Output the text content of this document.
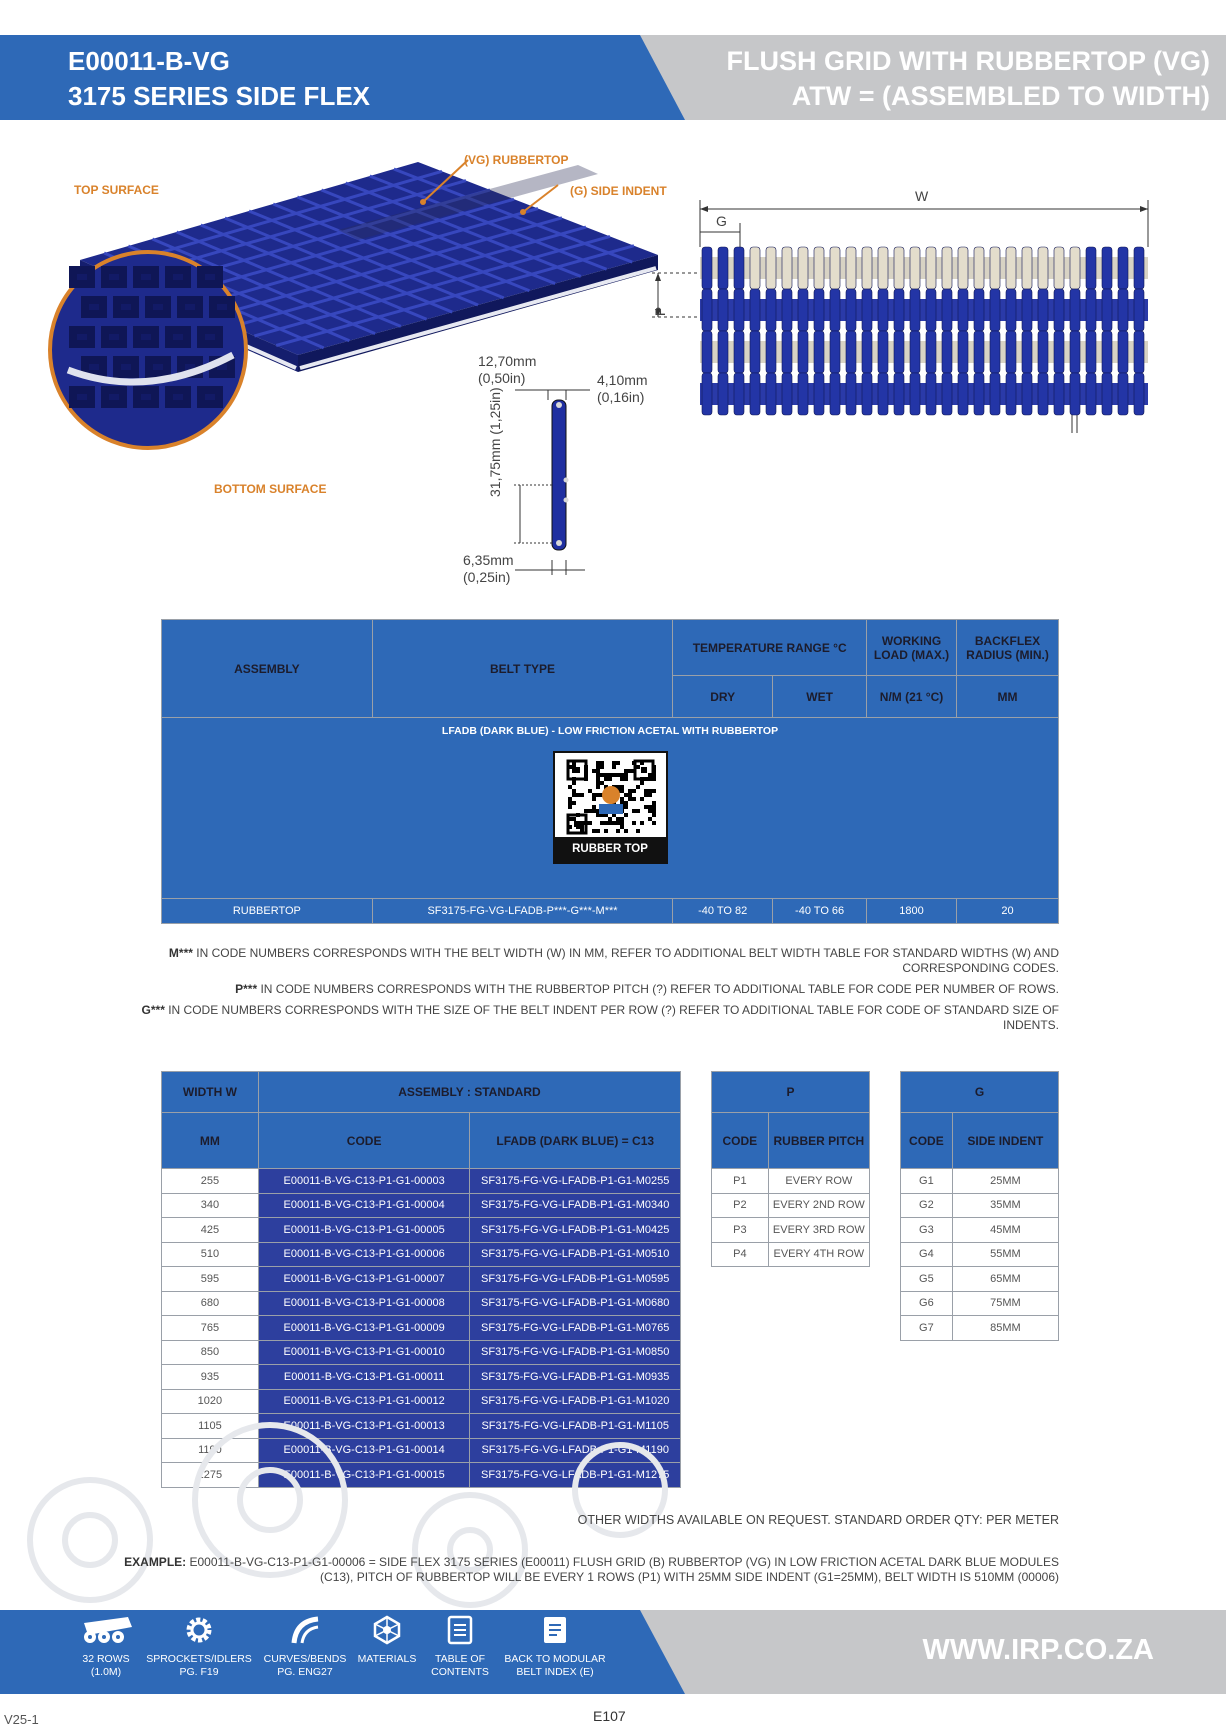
E00011-B-VG
3175 SERIES SIDE FLEX
FLUSH GRID WITH RUBBERTOP (VG)
ATW = (ASSEMBLED TO WIDTH)
TOP SURFACE
(VG) RUBBERTOP
(G) SIDE INDENT
BOTTOM SURFACE
12,70mm
(0,50in)	4,10mm
(0,16in)
31,75mm (1,25in)
6,35mm
(0,25in)
W
G
P
ASSEMBLY	BELT TYPE	TEMPERATURE RANGE °C		WORKING LOAD (MAX.)	BACKFLEX RADIUS (MIN.)
		DRY	WET	N/M (21 °C)	MM

LFADB (DARK BLUE) - LOW FRICTION ACETAL WITH RUBBERTOP
RUBBER TOP					

RUBBERTOP	SF3175-FG-VG-LFADB-P***-G***-M***	-40 TO 82	-40 TO 66	1800	20
M*** IN CODE NUMBERS CORRESPONDS WITH THE BELT WIDTH (W) IN MM, REFER TO ADDITIONAL BELT WIDTH TABLE FOR STANDARD WIDTHS (W) AND
CORRESPONDING CODES.
P*** IN CODE NUMBERS CORRESPONDS WITH THE RUBBERTOP PITCH (?) REFER TO ADDITIONAL TABLE FOR CODE PER NUMBER OF ROWS.
G*** IN CODE NUMBERS CORRESPONDS WITH THE SIZE OF THE BELT INDENT PER ROW (?) REFER TO ADDITIONAL TABLE FOR CODE OF STANDARD SIZE OF
INDENTS.
WIDTH W	ASSEMBLY : STANDARD	
MM	CODE	LFADB (DARK BLUE) = C13
255	E00011-B-VG-C13-P1-G1-00003	SF3175-FG-VG-LFADB-P1-G1-M0255
340	E00011-B-VG-C13-P1-G1-00004	SF3175-FG-VG-LFADB-P1-G1-M0340
425	E00011-B-VG-C13-P1-G1-00005	SF3175-FG-VG-LFADB-P1-G1-M0425
510	E00011-B-VG-C13-P1-G1-00006	SF3175-FG-VG-LFADB-P1-G1-M0510
595	E00011-B-VG-C13-P1-G1-00007	SF3175-FG-VG-LFADB-P1-G1-M0595
680	E00011-B-VG-C13-P1-G1-00008	SF3175-FG-VG-LFADB-P1-G1-M0680
765	E00011-B-VG-C13-P1-G1-00009	SF3175-FG-VG-LFADB-P1-G1-M0765
850	E00011-B-VG-C13-P1-G1-00010	SF3175-FG-VG-LFADB-P1-G1-M0850
935	E00011-B-VG-C13-P1-G1-00011	SF3175-FG-VG-LFADB-P1-G1-M0935
1020	E00011-B-VG-C13-P1-G1-00012	SF3175-FG-VG-LFADB-P1-G1-M1020
1105	E00011-B-VG-C13-P1-G1-00013	SF3175-FG-VG-LFADB-P1-G1-M1105
1190	E00011-B-VG-C13-P1-G1-00014	SF3175-FG-VG-LFADB-P1-G1-M1190
1275	E00011-B-VG-C13-P1-G1-00015	SF3175-FG-VG-LFADB-P1-G1-M1275
P	
CODE	RUBBER PITCH
P1	EVERY ROW
P2	EVERY 2ND ROW
P3	EVERY 3RD ROW
P4	EVERY 4TH ROW
G	
CODE	SIDE INDENT
G1	25MM
G2	35MM
G3	45MM
G4	55MM
G5	65MM
G6	75MM
G7	85MM
OTHER WIDTHS AVAILABLE ON REQUEST. STANDARD ORDER QTY: PER METER
EXAMPLE: E00011-B-VG-C13-P1-G1-00006 = SIDE FLEX 3175 SERIES (E00011) FLUSH GRID (B) RUBBERTOP (VG) IN LOW FRICTION ACETAL DARK BLUE MODULES
(C13), PITCH OF RUBBERTOP WILL BE EVERY 1 ROWS (P1) WITH 25MM SIDE INDENT (G1=25MM), BELT WIDTH IS 510MM (00006)
32 ROWS
(1.0M)
SPROCKETS/IDLERS
PG. F19
CURVES/BENDS
PG. ENG27
MATERIALS	TABLE OF
CONTENTS
BACK TO MODULAR
BELT INDEX (E)
WWW.IRP.CO.ZA
V25-1	E107
